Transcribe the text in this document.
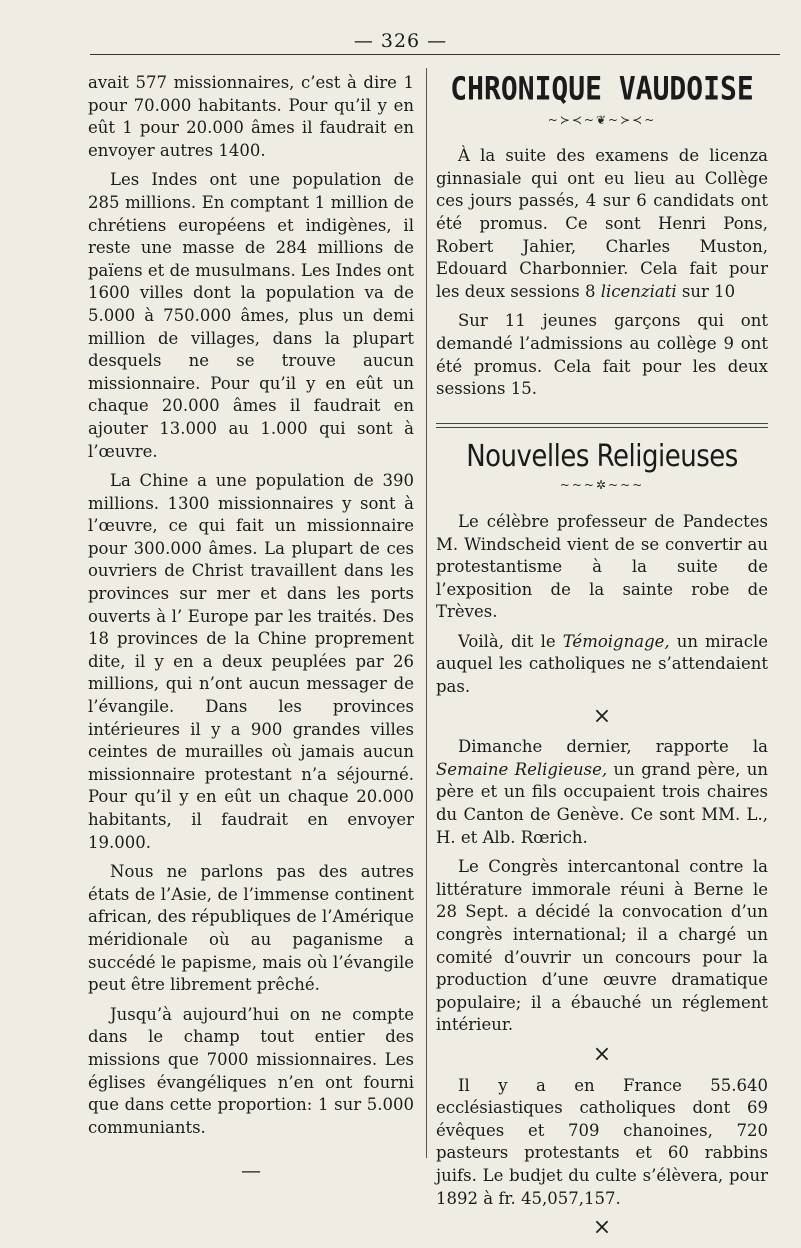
— 326 —

avait 577 missionnaires, c’est à dire 1 pour 70.000 habitants. Pour qu’il y en eût 1 pour 20.000 âmes il faudrait en envoyer autres 1400.

Les Indes ont une population de 285 millions. En comptant 1 million de chrétiens européens et indigènes, il reste une masse de 284 millions de païens et de musulmans. Les Indes ont 1600 villes dont la population va de 5.000 à 750.000 âmes, plus un demi million de villages, dans la plupart desquels ne se trouve aucun missionnaire. Pour qu’il y en eût un chaque 20.000 âmes il faudrait en ajouter 13.000 au 1.000 qui sont à l’œuvre.

La Chine a une population de 390 millions. 1300 missionnaires y sont à l’œuvre, ce qui fait un missionnaire pour 300.000 âmes. La plupart de ces ouvriers de Christ travaillent dans les provinces sur mer et dans les ports ouverts à l’ Europe par les traités. Des 18 provinces de la Chine proprement dite, il y en a deux peuplées par 26 millions, qui n’ont aucun messager de l’évangile. Dans les provinces intérieures il y a 900 grandes villes ceintes de murailles où jamais aucun missionnaire protestant n’a séjourné. Pour qu’il y en eût un chaque 20.000 habitants, il faudrait en envoyer 19.000.

Nous ne parlons pas des autres états de l’Asie, de l’immense continent african, des républiques de l’Amérique méridionale où au paganisme a succédé le papisme, mais où l’évangile peut être librement prêché.

Jusqu’à aujourd’hui on ne compte dans le champ tout entier des missions que 7000 missionnaires. Les églises évangéliques n’en ont fourni que dans cette proportion: 1 sur 5.000 communiants.

—
CHRONIQUE VAUDOISE
~≻≺~❦~≻≺~

À la suite des examens de licenza ginnasiale qui ont eu lieu au Collège ces jours passés, 4 sur 6 candidats ont été promus. Ce sont Henri Pons, Robert Jahier, Charles Muston, Edouard Charbonnier. Cela fait pour les deux sessions 8 licenziati sur 10

Sur 11 jeunes garçons qui ont demandé l’admissions au collège 9 ont été promus. Cela fait pour les deux sessions 15.

Nouvelles Religieuses
~~~✲~~~

Le célèbre professeur de Pandectes M. Windscheid vient de se convertir au protestantisme à la suite de l’exposition de la sainte robe de Trèves.

Voilà, dit le Témoignage, un miracle auquel les catholiques ne s’attendaient pas.

×

Dimanche dernier, rapporte la Semaine Religieuse, un grand père, un père et un fils occupaient trois chaires du Canton de Genève. Ce sont MM. L., H. et Alb. Rœrich.

Le Congrès intercantonal contre la littérature immorale réuni à Berne le 28 Sept. a décidé la convocation d’un congrès international; il a chargé un comité d’ouvrir un concours pour la production d’une œuvre dramatique populaire; il a ébauché un réglement intérieur.

×

Il y a en France 55.640 ecclésiastiques catholiques dont 69 évêques et 709 chanoines, 720 pasteurs protestants et 60 rabbins juifs. Le budjet du culte s’élèvera, pour 1892 à fr. 45,057,157.

×
